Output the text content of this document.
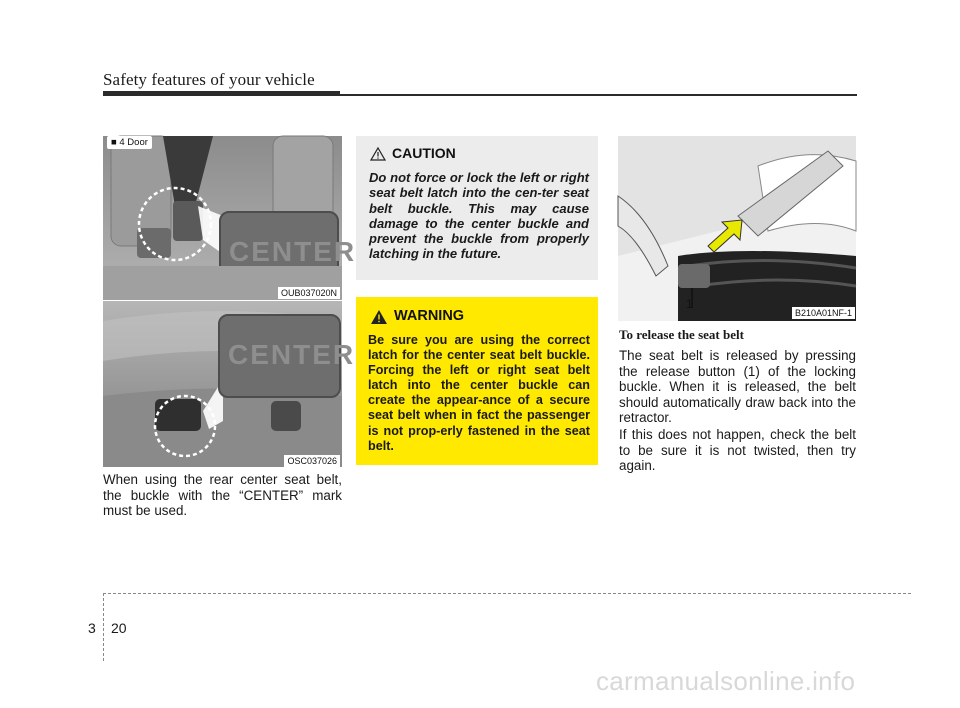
Safety features of your vehicle
■ 4 Door
CENTER
OUB037020N
CENTER
OSC037026
When using the rear center seat belt, the buckle with the “CENTER” mark must be used.
CAUTION
Do not force or lock the left or right seat belt latch into the cen-ter seat belt buckle. This may cause damage to the center buckle and prevent the buckle from properly latching in the future.
WARNING
Be sure you are using the correct latch for the center seat belt buckle. Forcing the left or right seat belt latch into the center buckle can create the appear-ance of a secure seat belt when in fact the passenger is not prop-erly fastened in the seat belt.
1
B210A01NF-1
To release the seat belt
The seat belt is released by pressing the release button (1) of the locking buckle. When it is released, the belt should automatically draw back into the retractor.
If this does not happen, check the belt to be sure it is not twisted, then try again.
3 20
carmanualsonline.info
